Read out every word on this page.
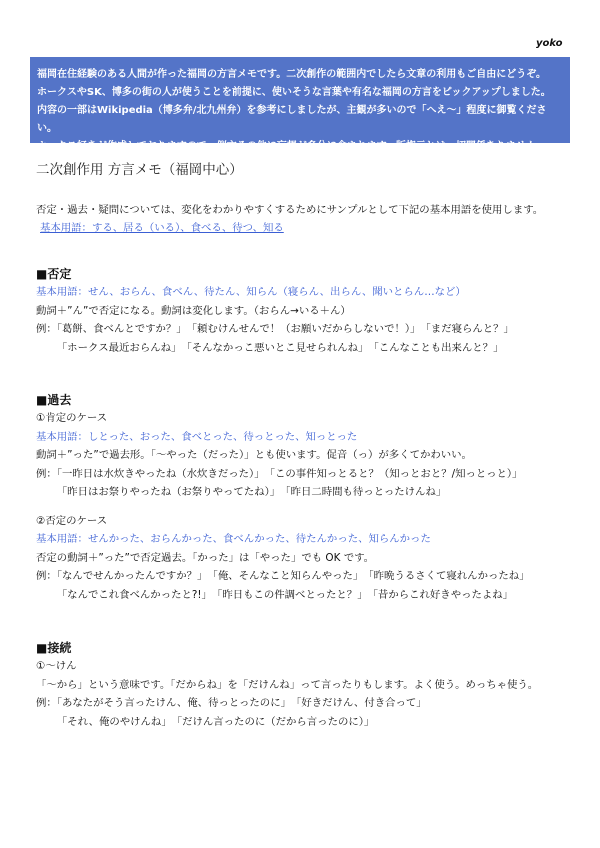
yoko
福岡在住経験のある人間が作った福岡の方言メモです。二次創作の範囲内でしたら文章の利用もご自由にどうぞ。
ホークスやSK、博多の街の人が使うことを前提に、使いそうな言葉や有名な福岡の方言をピックアップしました。
内容の一部はWikipedia（博多弁/北九州弁）を参考にしましたが、主観が多いので「へえ～」程度に御覧ください。
ホークス好きが作成しておりますので、例文その他に妄想が多分に含まれます。版権元とは一切関係ありません。
二次創作用 方言メモ（福岡中心）
否定・過去・疑問については、変化をわかりやすくするためにサンプルとして下記の基本用語を使用します。
基本用語：する、居る（いる）、食べる、待つ、知る
■否定
基本用語：せん、おらん、食べん、待たん、知らん（寝らん、出らん、聞いとらん…など）
動詞＋”ん”で否定になる。動詞は変化します。（おらん→いる＋ん）
例：「葛餅、食べんとですか？」　「頼むけんせんで！（お願いだからしないで！）」　「まだ寝らんと？」
「ホークス最近おらんね」　「そんなかっこ悪いとこ見せられんね」　「こんなことも出来んと？」
■過去
①肯定のケース
基本用語：しとった、おった、食べとった、待っとった、知っとった
動詞＋”った”で過去形。「～やった（だった）」とも使います。促音（っ）が多くてかわいい。
例：「一昨日は水炊きやったね（水炊きだった）」　「この事件知っとると？（知っとおと？/知っとっと）」
「昨日はお祭りやったね（お祭りやってたね）」　「昨日二時間も待っとったけんね」
②否定のケース
基本用語：せんかった、おらんかった、食べんかった、待たんかった、知らんかった
否定の動詞＋”った”で否定過去。「かった」は「やった」でも OK です。
例：「なんでせんかったんですか？」　「俺、そんなこと知らんやった」　「昨晩うるさくて寝れんかったね」
「なんでこれ食べんかったと?!」　「昨日もこの件調べとったと？」　「昔からこれ好きやったよね」
■接続
①～けん
「～から」という意味です。「だからね」を「だけんね」って言ったりもします。よく使う。めっちゃ使う。
例：「あなたがそう言ったけん、俺、待っとったのに」　「好きだけん、付き合って」
「それ、俺のやけんね」　「だけん言ったのに（だから言ったのに）」
